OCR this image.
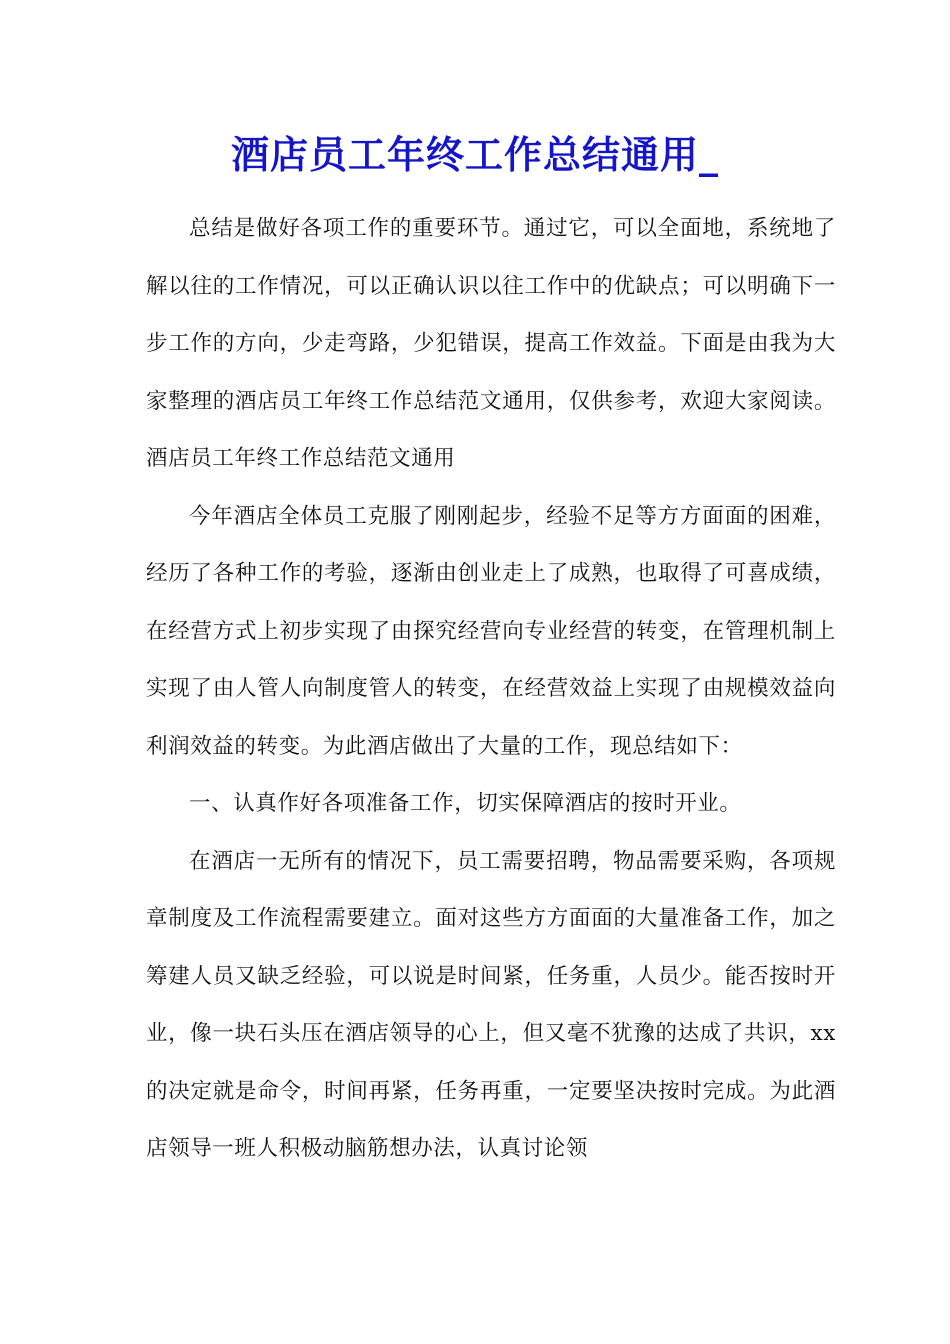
酒店员工年终工作总结通用_

总结是做好各项工作的重要环节。通过它，可以全面地，系统地了解以往的工作情况，可以正确认识以往工作中的优缺点；可以明确下一步工作的方向，少走弯路，少犯错误，提高工作效益。下面是由我为大家整理的酒店员工年终工作总结范文通用，仅供参考，欢迎大家阅读。酒店员工年终工作总结范文通用

今年酒店全体员工克服了刚刚起步，经验不足等方方面面的困难，经历了各种工作的考验，逐渐由创业走上了成熟，也取得了可喜成绩，在经营方式上初步实现了由探究经营向专业经营的转变，在管理机制上实现了由人管人向制度管人的转变，在经营效益上实现了由规模效益向利润效益的转变。为此酒店做出了大量的工作，现总结如下：

一、认真作好各项准备工作，切实保障酒店的按时开业。

在酒店一无所有的情况下，员工需要招聘，物品需要采购，各项规章制度及工作流程需要建立。面对这些方方面面的大量准备工作，加之筹建人员又缺乏经验，可以说是时间紧，任务重，人员少。能否按时开业，像一块石头压在酒店领导的心上，但又毫不犹豫的达成了共识，xx的决定就是命令，时间再紧，任务再重，一定要坚决按时完成。为此酒店领导一班人积极动脑筋想办法，认真讨论领
